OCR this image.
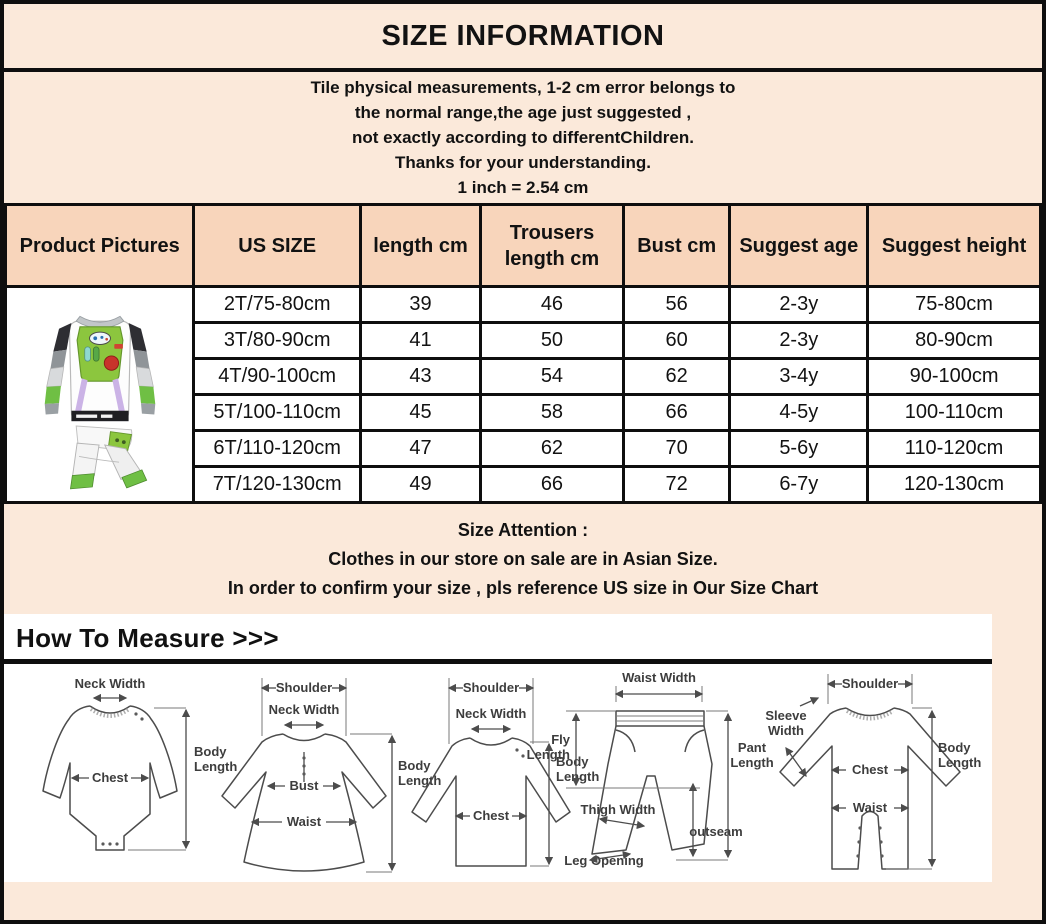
SIZE INFORMATION
Tile physical measurements, 1-2 cm error belongs to
the normal range,the age just suggested ,
not exactly according to differentChildren.
Thanks for your understanding.
1 inch = 2.54 cm
Product Pictures	US SIZE	length cm	Trousers length cm	Bust cm	Suggest age	Suggest height

	2T/75-80cm	39	46	56	2-3y	75-80cm
	3T/80-90cm	41	50	60	2-3y	80-90cm
	4T/90-100cm	43	54	62	3-4y	90-100cm
	5T/100-110cm	45	58	66	4-5y	100-110cm
	6T/110-120cm	47	62	70	5-6y	110-120cm
	7T/120-130cm	49	66	72	6-7y	120-130cm
Size Attention :
Clothes in our store on sale are in Asian Size.
In order to confirm your size , pls reference US size in Our Size Chart
How To Measure >>>
Neck Width
Chest
Body Length
Shoulder
Neck Width
Bust
Waist
Body Length
Shoulder
Neck Width
Chest
Body Length
Waist Width
Fly Length
Thigh Width
Leg Opening
outseam
Pant Length
Shoulder
Sleeve Width
Chest
Waist
Body Length
